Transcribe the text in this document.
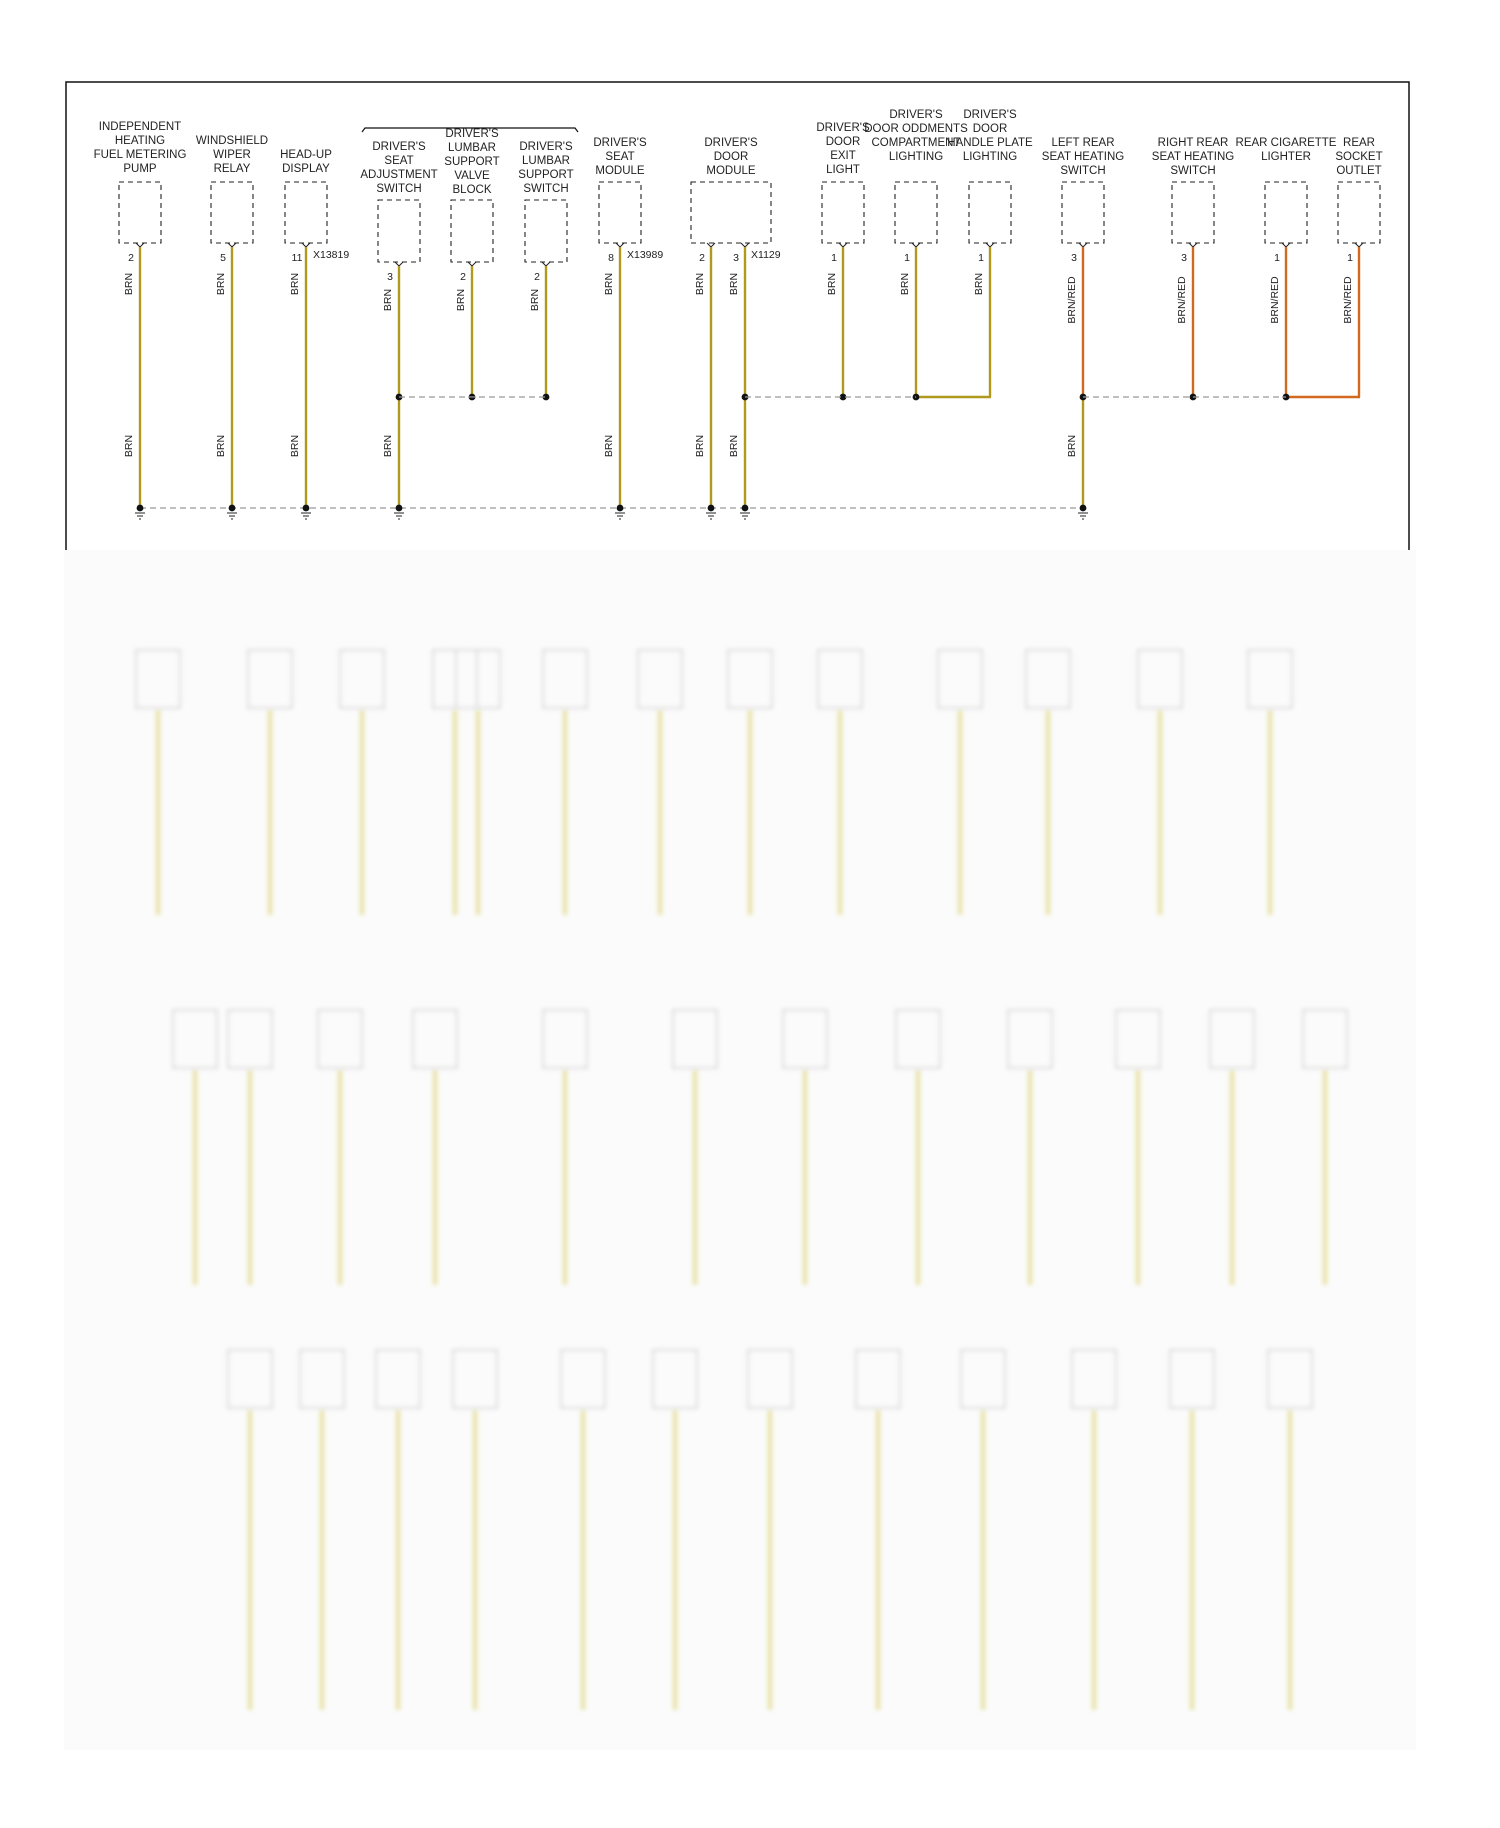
INDEPENDENT
HEATING
FUEL METERING
PUMP
2
WINDSHIELD
WIPER
RELAY
5
HEAD-UP
DISPLAY
11 X13819
DRIVER'S
SEAT
ADJUSTMENT
SWITCH
3
DRIVER'S
LUMBAR
SUPPORT
VALVE
BLOCK
2
DRIVER'S
LUMBAR
SUPPORT
SWITCH
2
DRIVER'S
SEAT
MODULE
8 X13989
DRIVER'S
DOOR
MODULE
2	3 X1129
DRIVER'S
DOOR
EXIT
LIGHT
1
DRIVER'S
DOOR ODDMENTS
COMPARTMENT
LIGHTING
1
DRIVER'S
DOOR
HANDLE PLATE
LIGHTING
1
LEFT REAR
SEAT HEATING
SWITCH
3
RIGHT REAR
SEAT HEATING
SWITCH
3
REAR CIGARETTE
LIGHTER
1
REAR
SOCKET
OUTLET
1
BRN
BRN
BRN
BRN
BRN
BRN
BRN
BRN
BRN	BRN	BRN
BRN
BRN BRN
BRN BRN
BRN	BRN	BRN	BRN/RED	BRN/RED	BRN/RED	BRN/RED
BRN
